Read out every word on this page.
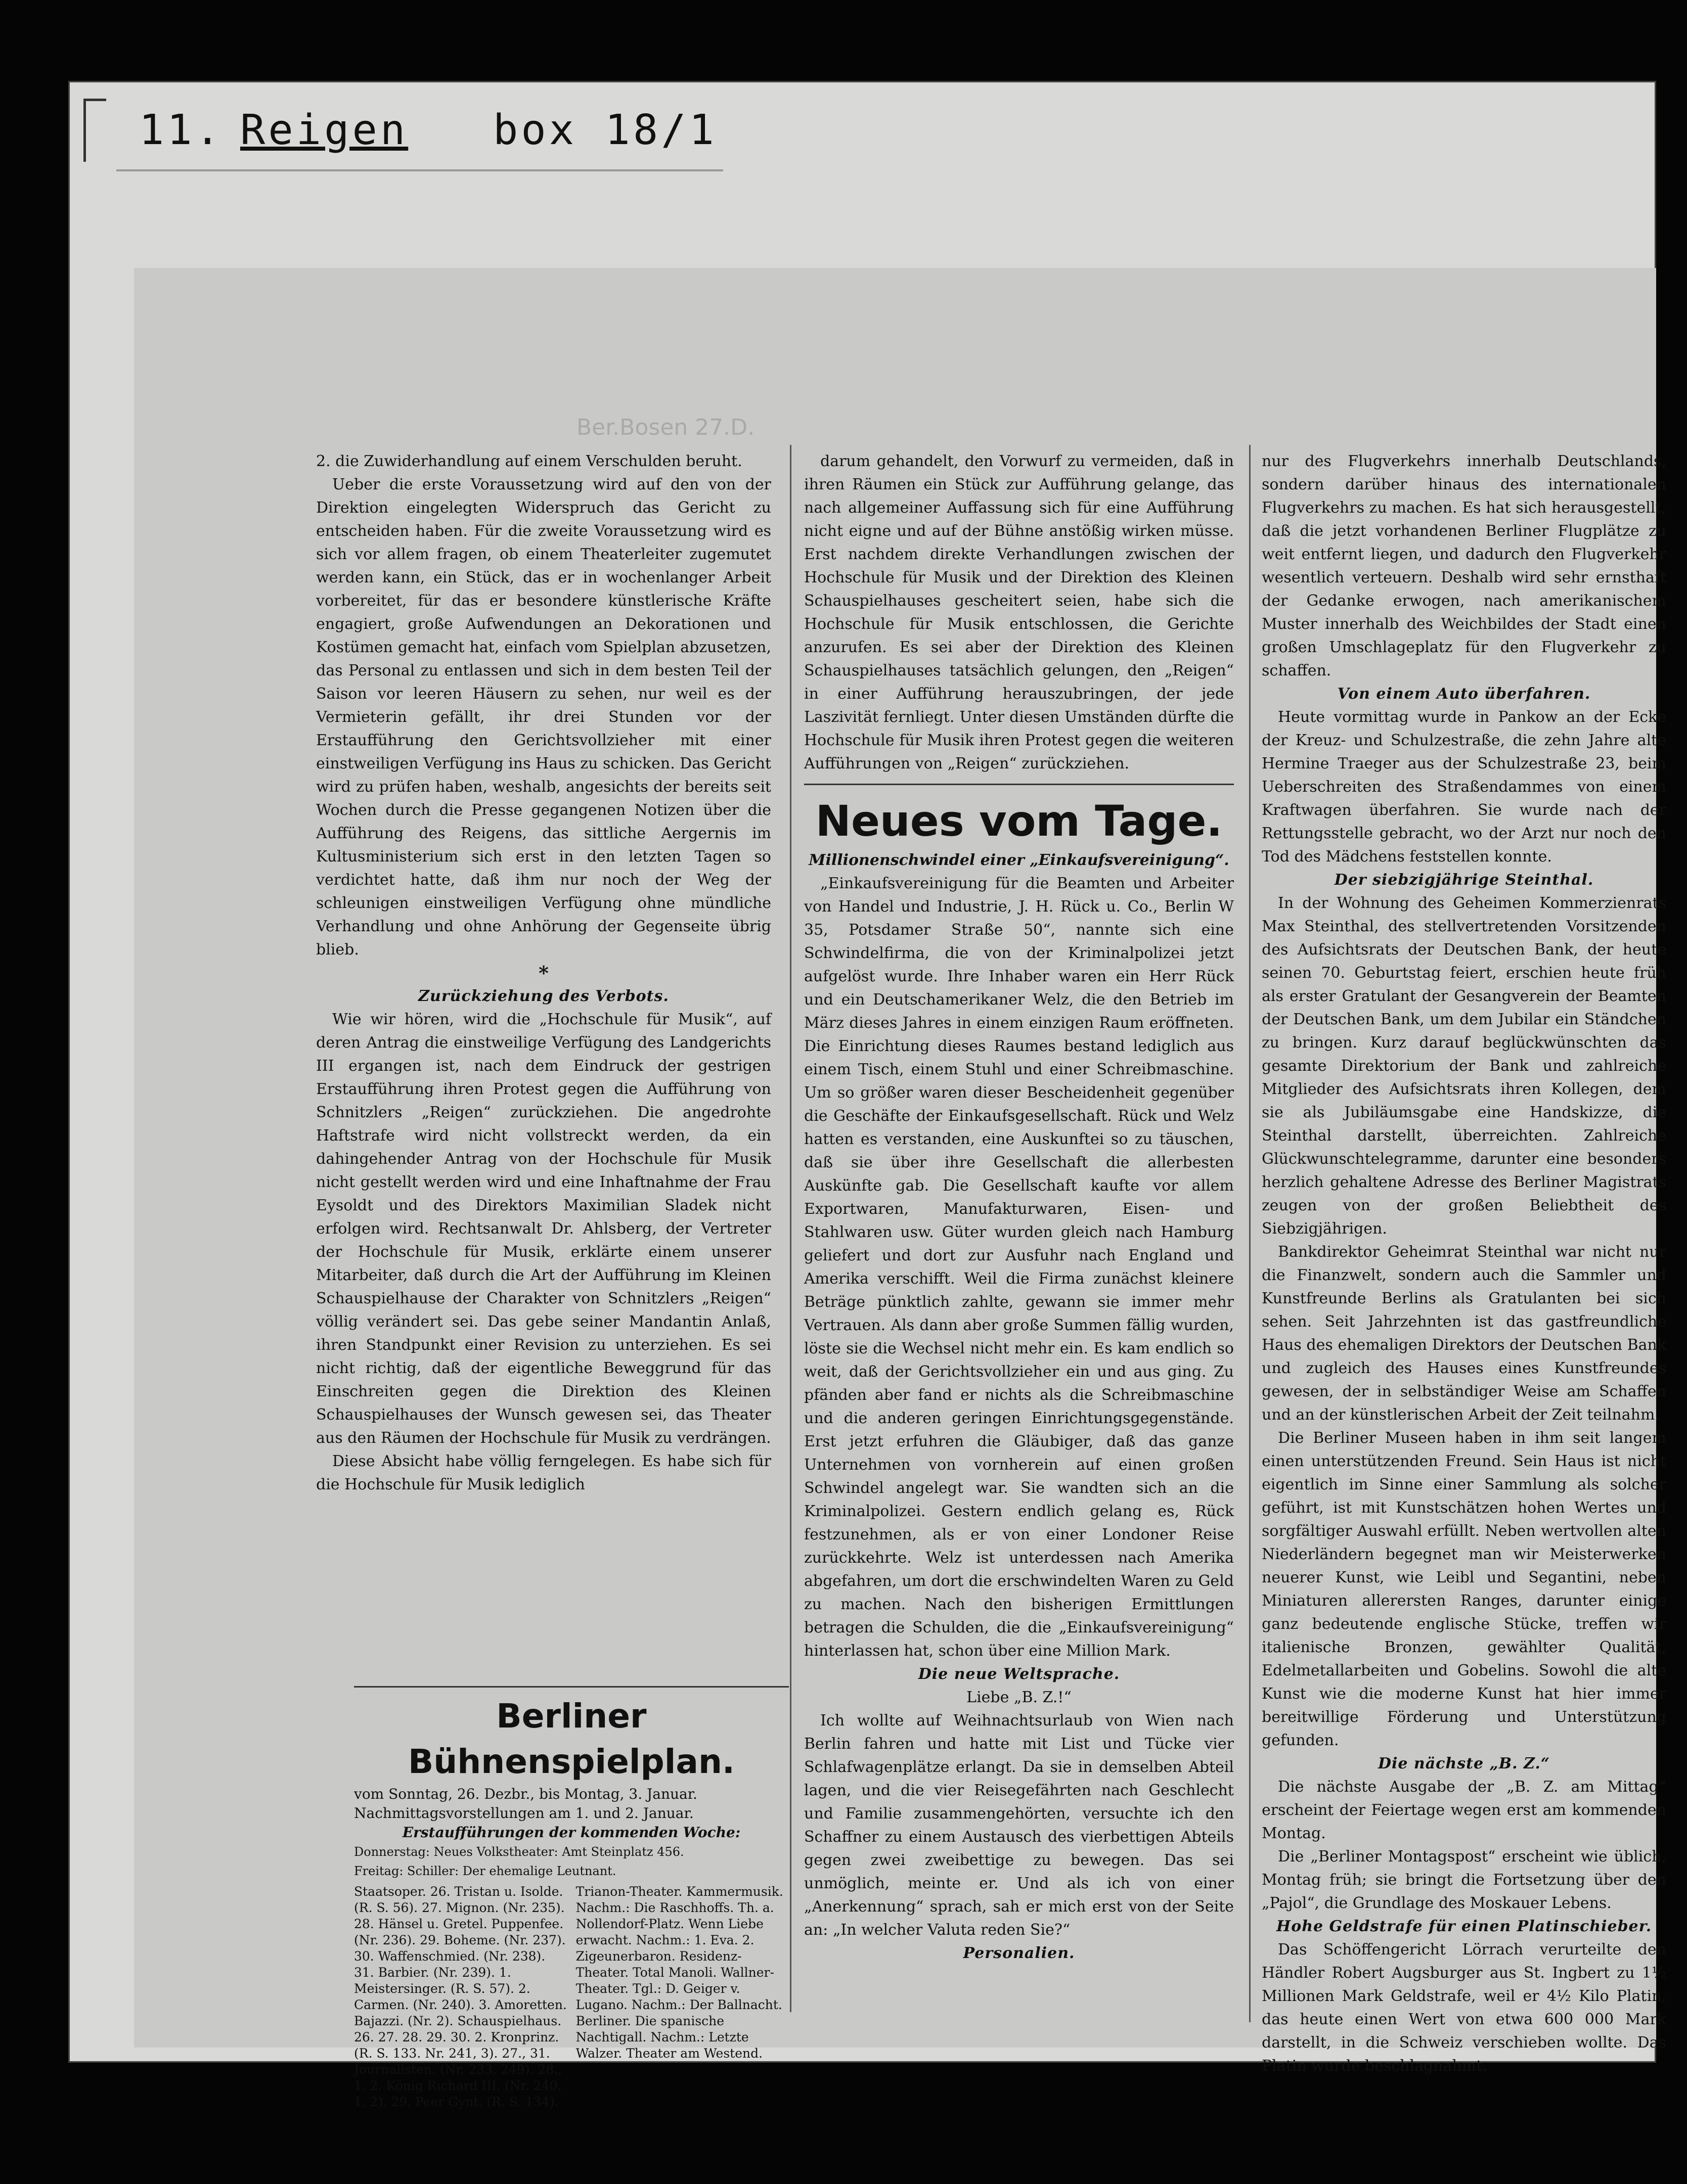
11. Reigen box 18/1
Ber.Bosen 27.D.

2. die Zuwiderhandlung auf einem Verschulden beruht.

Ueber die erste Voraussetzung wird auf den von der Direktion eingelegten Widerspruch das Gericht zu entscheiden haben. Für die zweite Voraussetzung wird es sich vor allem fragen, ob einem Theaterleiter zugemutet werden kann, ein Stück, das er in wochenlanger Arbeit vorbereitet, für das er besondere künstlerische Kräfte engagiert, große Aufwendungen an Dekorationen und Kostümen gemacht hat, einfach vom Spielplan abzusetzen, das Personal zu entlassen und sich in dem besten Teil der Saison vor leeren Häusern zu sehen, nur weil es der Vermieterin gefällt, ihr drei Stunden vor der Erstaufführung den Gerichtsvollzieher mit einer einstweiligen Verfügung ins Haus zu schicken. Das Gericht wird zu prüfen haben, weshalb, angesichts der bereits seit Wochen durch die Presse gegangenen Notizen über die Aufführung des Reigens, das sittliche Aergernis im Kultusministerium sich erst in den letzten Tagen so verdichtet hatte, daß ihm nur noch der Weg der schleunigen einstweiligen Verfügung ohne mündliche Verhandlung und ohne Anhörung der Gegenseite übrig blieb.

*

Zurückziehung des Verbots.

Wie wir hören, wird die „Hochschule für Musik“, auf deren Antrag die einstweilige Verfügung des Landgerichts III ergangen ist, nach dem Eindruck der gestrigen Erstaufführung ihren Protest gegen die Aufführung von Schnitzlers „Reigen“ zurückziehen. Die angedrohte Haftstrafe wird nicht vollstreckt werden, da ein dahingehender Antrag von der Hochschule für Musik nicht gestellt werden wird und eine Inhaftnahme der Frau Eysoldt und des Direktors Maximilian Sladek nicht erfolgen wird. Rechtsanwalt Dr. Ahlsberg, der Vertreter der Hochschule für Musik, erklärte einem unserer Mitarbeiter, daß durch die Art der Aufführung im Kleinen Schauspielhause der Charakter von Schnitzlers „Reigen“ völlig verändert sei. Das gebe seiner Mandantin Anlaß, ihren Standpunkt einer Revision zu unterziehen. Es sei nicht richtig, daß der eigentliche Beweggrund für das Einschreiten gegen die Direktion des Kleinen Schauspielhauses der Wunsch gewesen sei, das Theater aus den Räumen der Hochschule für Musik zu verdrängen.

Diese Absicht habe völlig ferngelegen. Es habe sich für die Hochschule für Musik lediglich

Berliner Bühnenspielplan.
vom Sonntag, 26. Dezbr., bis Montag, 3. Januar.
Nachmittagsvorstellungen am 1. und 2. Januar.
Erstaufführungen der kommenden Woche:
Donnerstag: Neues Volkstheater: Amt Steinplatz 456.
Freitag: Schiller: Der ehemalige Leutnant.

Staatsoper. 26. Tristan u. Isolde. (R. S. 56). 27. Mignon. (Nr. 235). 28. Hänsel u. Gretel. Puppenfee. (Nr. 236). 29. Boheme. (Nr. 237). 30. Waffenschmied. (Nr. 238). 31. Barbier. (Nr. 239). 1. Meistersinger. (R. S. 57). 2. Carmen. (Nr. 240). 3. Amoretten. Bajazzi. (Nr. 2). Schauspielhaus. 26. 27. 28. 29. 30. 2. Kronprinz. (R. S. 133. Nr. 241, 3). 27., 31. Journalisten. (Nr. 233, 249). 28., 1. 2. König Richard III. (Nr. 240, 1, 2). 29. Peer Gynt. (R. S. 134).

Trianon-Theater. Kammermusik. Nachm.: Die Raschhoffs. Th. a. Nollendorf-Platz. Wenn Liebe erwacht. Nachm.: 1. Eva. 2. Zigeunerbaron. Residenz-Theater. Total Manoli. Wallner-Theater. Tgl.: D. Geiger v. Lugano. Nachm.: Der Ballnacht. Berliner. Die spanische Nachtigall. Nachm.: Letzte Walzer. Theater am Westend.

darum gehandelt, den Vorwurf zu vermeiden, daß in ihren Räumen ein Stück zur Aufführung gelange, das nach allgemeiner Auffassung sich für eine Aufführung nicht eigne und auf der Bühne anstößig wirken müsse. Erst nachdem direkte Verhandlungen zwischen der Hochschule für Musik und der Direktion des Kleinen Schauspielhauses gescheitert seien, habe sich die Hochschule für Musik entschlossen, die Gerichte anzurufen. Es sei aber der Direktion des Kleinen Schauspielhauses tatsächlich gelungen, den „Reigen“ in einer Aufführung herauszubringen, der jede Laszivität fernliegt. Unter diesen Umständen dürfte die Hochschule für Musik ihren Protest gegen die weiteren Aufführungen von „Reigen“ zurückziehen.

Neues vom Tage.

Millionenschwindel einer „Einkaufsvereinigung“.

„Einkaufsvereinigung für die Beamten und Arbeiter von Handel und Industrie, J. H. Rück u. Co., Berlin W 35, Potsdamer Straße 50“, nannte sich eine Schwindelfirma, die von der Kriminalpolizei jetzt aufgelöst wurde. Ihre Inhaber waren ein Herr Rück und ein Deutschamerikaner Welz, die den Betrieb im März dieses Jahres in einem einzigen Raum eröffneten. Die Einrichtung dieses Raumes bestand lediglich aus einem Tisch, einem Stuhl und einer Schreibmaschine. Um so größer waren dieser Bescheidenheit gegenüber die Geschäfte der Einkaufsgesellschaft. Rück und Welz hatten es verstanden, eine Auskunftei so zu täuschen, daß sie über ihre Gesellschaft die allerbesten Auskünfte gab. Die Gesellschaft kaufte vor allem Exportwaren, Manufakturwaren, Eisen- und Stahlwaren usw. Güter wurden gleich nach Hamburg geliefert und dort zur Ausfuhr nach England und Amerika verschifft. Weil die Firma zunächst kleinere Beträge pünktlich zahlte, gewann sie immer mehr Vertrauen. Als dann aber große Summen fällig wurden, löste sie die Wechsel nicht mehr ein. Es kam endlich so weit, daß der Gerichtsvollzieher ein und aus ging. Zu pfänden aber fand er nichts als die Schreibmaschine und die anderen geringen Einrichtungsgegenstände. Erst jetzt erfuhren die Gläubiger, daß das ganze Unternehmen von vornherein auf einen großen Schwindel angelegt war. Sie wandten sich an die Kriminalpolizei. Gestern endlich gelang es, Rück festzunehmen, als er von einer Londoner Reise zurückkehrte. Welz ist unterdessen nach Amerika abgefahren, um dort die erschwindelten Waren zu Geld zu machen. Nach den bisherigen Ermittlungen betragen die Schulden, die die „Einkaufsvereinigung“ hinterlassen hat, schon über eine Million Mark.

Die neue Weltsprache.

Liebe „B. Z.!“

Ich wollte auf Weihnachtsurlaub von Wien nach Berlin fahren und hatte mit List und Tücke vier Schlafwagenplätze erlangt. Da sie in demselben Abteil lagen, und die vier Reisegefährten nach Geschlecht und Familie zusammengehörten, versuchte ich den Schaffner zu einem Austausch des vierbettigen Abteils gegen zwei zweibettige zu bewegen. Das sei unmöglich, meinte er. Und als ich von einer „Anerkennung“ sprach, sah er mich erst von der Seite an: „In welcher Valuta reden Sie?“

Personalien.

nur des Flugverkehrs innerhalb Deutschlands, sondern darüber hinaus des internationalen Flugverkehrs zu machen. Es hat sich herausgestellt, daß die jetzt vorhandenen Berliner Flugplätze zu weit entfernt liegen, und dadurch den Flugverkehr wesentlich verteuern. Deshalb wird sehr ernsthaft der Gedanke erwogen, nach amerikanischem Muster innerhalb des Weichbildes der Stadt einen großen Umschlageplatz für den Flugverkehr zu schaffen.

Von einem Auto überfahren.

Heute vormittag wurde in Pankow an der Ecke der Kreuz- und Schulzestraße, die zehn Jahre alte Hermine Traeger aus der Schulzestraße 23, beim Ueberschreiten des Straßendammes von einem Kraftwagen überfahren. Sie wurde nach der Rettungsstelle gebracht, wo der Arzt nur noch den Tod des Mädchens feststellen konnte.

Der siebzigjährige Steinthal.

In der Wohnung des Geheimen Kommerzienrats Max Steinthal, des stellvertretenden Vorsitzenden des Aufsichtsrats der Deutschen Bank, der heute seinen 70. Geburtstag feiert, erschien heute früh als erster Gratulant der Gesangverein der Beamten der Deutschen Bank, um dem Jubilar ein Ständchen zu bringen. Kurz darauf beglückwünschten das gesamte Direktorium der Bank und zahlreiche Mitglieder des Aufsichtsrats ihren Kollegen, dem sie als Jubiläumsgabe eine Handskizze, die Steinthal darstellt, überreichten. Zahlreiche Glückwunschtelegramme, darunter eine besonders herzlich gehaltene Adresse des Berliner Magistrats zeugen von der großen Beliebtheit des Siebzigjährigen.

Bankdirektor Geheimrat Steinthal war nicht nur die Finanzwelt, sondern auch die Sammler und Kunstfreunde Berlins als Gratulanten bei sich sehen. Seit Jahrzehnten ist das gastfreundliche Haus des ehemaligen Direktors der Deutschen Bank und zugleich des Hauses eines Kunstfreundes gewesen, der in selbständiger Weise am Schaffen und an der künstlerischen Arbeit der Zeit teilnahm.

Die Berliner Museen haben in ihm seit langem einen unterstützenden Freund. Sein Haus ist nicht eigentlich im Sinne einer Sammlung als solcher geführt, ist mit Kunstschätzen hohen Wertes und sorgfältiger Auswahl erfüllt. Neben wertvollen alten Niederländern begegnet man wir Meisterwerken neuerer Kunst, wie Leibl und Segantini, neben Miniaturen allerersten Ranges, darunter einige ganz bedeutende englische Stücke, treffen wir italienische Bronzen, gewählter Qualität, Edelmetallarbeiten und Gobelins. Sowohl die alte Kunst wie die moderne Kunst hat hier immer bereitwillige Förderung und Unterstützung gefunden.

Die nächste „B. Z.“

Die nächste Ausgabe der „B. Z. am Mittag“ erscheint der Feiertage wegen erst am kommenden Montag.

Die „Berliner Montagspost“ erscheint wie üblich, Montag früh; sie bringt die Fortsetzung über den „Pajol“, die Grundlage des Moskauer Lebens.

Hohe Geldstrafe für einen Platinschieber.

Das Schöffengericht Lörrach verurteilte den Händler Robert Augsburger aus St. Ingbert zu 1½ Millionen Mark Geldstrafe, weil er 4½ Kilo Platin, das heute einen Wert von etwa 600 000 Mark darstellt, in die Schweiz verschieben wollte. Das Platin wurde beschlagnahmt.
